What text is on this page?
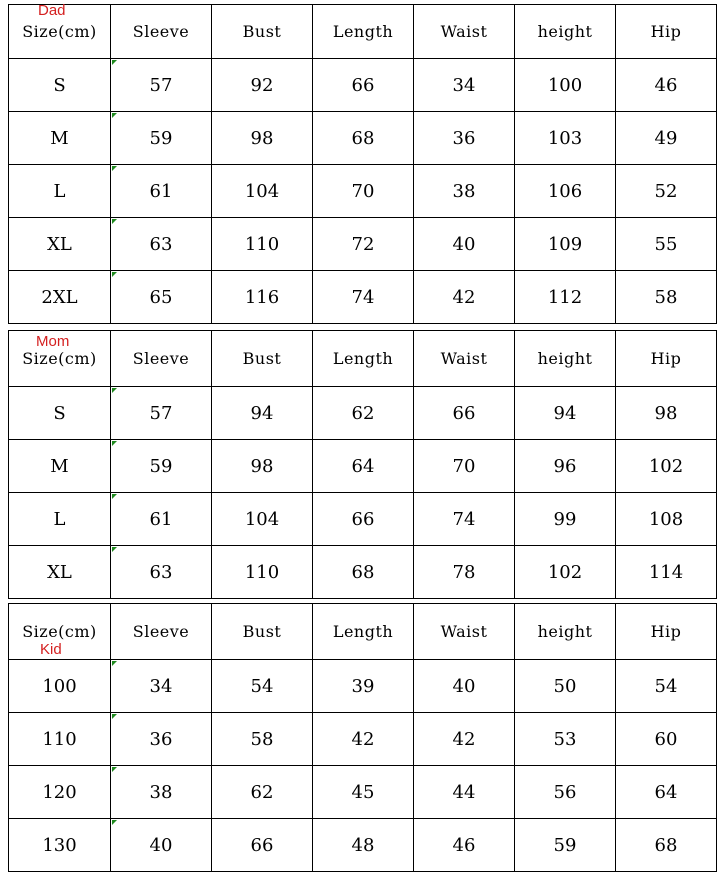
Size(cm)	Sleeve	Bust	Length	Waist	height	Hip
S	57	92	66	34	100	46
M	59	98	68	36	103	49
L	61	104	70	38	106	52
XL	63	110	72	40	109	55
2XL	65	116	74	42	112	58
Dad
Size(cm)	Sleeve	Bust	Length	Waist	height	Hip
S	57	94	62	66	94	98
M	59	98	64	70	96	102
L	61	104	66	74	99	108
XL	63	110	68	78	102	114
Mom
Size(cm)	Sleeve	Bust	Length	Waist	height	Hip
100	34	54	39	40	50	54
110	36	58	42	42	53	60
120	38	62	45	44	56	64
130	40	66	48	46	59	68
Kid
